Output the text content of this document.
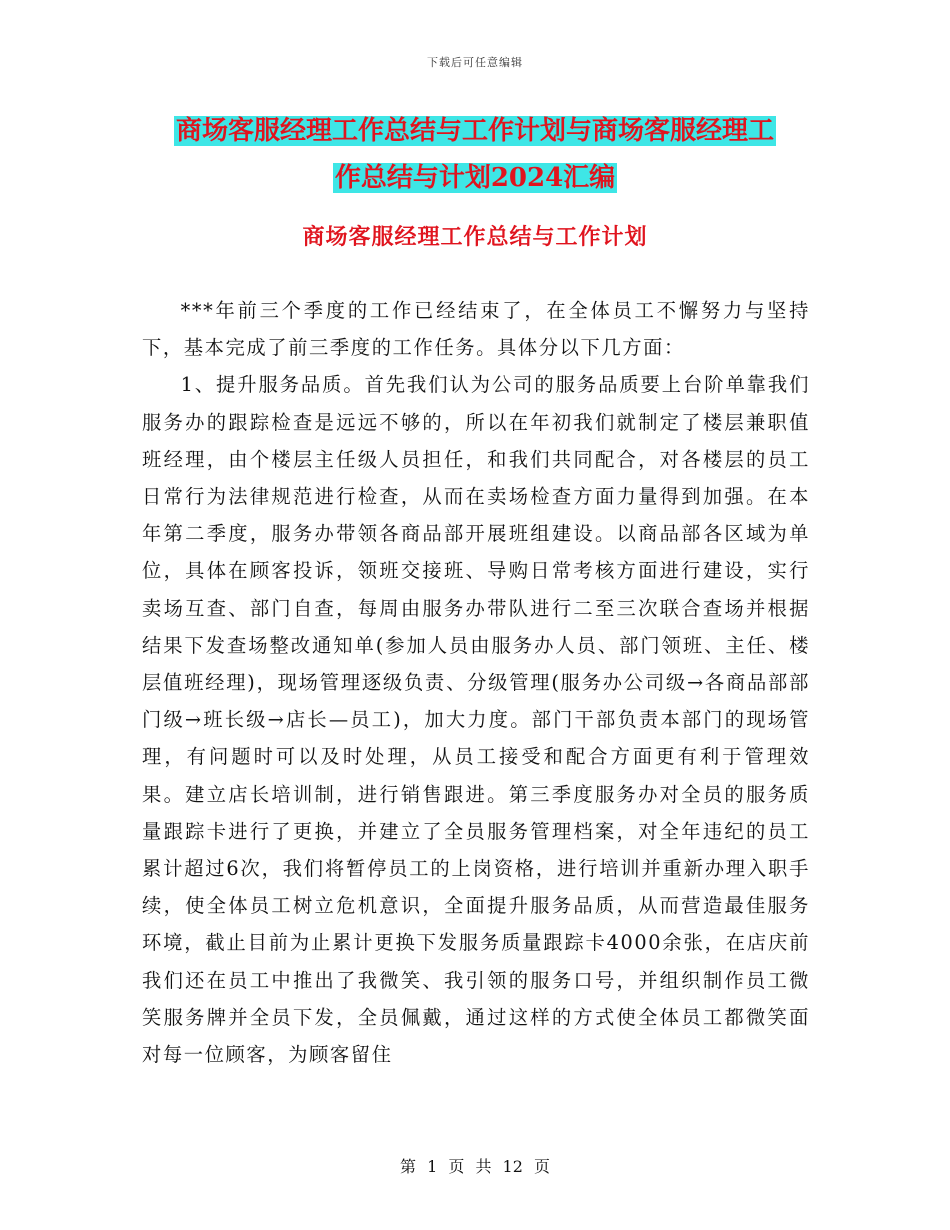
下载后可任意编辑
商场客服经理工作总结与工作计划与商场客服经理工
作总结与计划2024汇编
商场客服经理工作总结与工作计划

***年前三个季度的工作已经结束了，在全体员工不懈努力与坚持下，基本完成了前三季度的工作任务。具体分以下几方面：

1、提升服务品质。首先我们认为公司的服务品质要上台阶单靠我们服务办的跟踪检查是远远不够的，所以在年初我们就制定了楼层兼职值班经理，由个楼层主任级人员担任，和我们共同配合，对各楼层的员工日常行为法律规范进行检查，从而在卖场检查方面力量得到加强。在本年第二季度，服务办带领各商品部开展班组建设。以商品部各区域为单位，具体在顾客投诉，领班交接班、导购日常考核方面进行建设，实行卖场互查、部门自查，每周由服务办带队进行二至三次联合查场并根据结果下发查场整改通知单(参加人员由服务办人员、部门领班、主任、楼层值班经理)，现场管理逐级负责、分级管理(服务办公司级→各商品部部门级→班长级→店长—员工)，加大力度。部门干部负责本部门的现场管理，有问题时可以及时处理，从员工接受和配合方面更有利于管理效果。建立店长培训制，进行销售跟进。第三季度服务办对全员的服务质量跟踪卡进行了更换，并建立了全员服务管理档案，对全年违纪的员工累计超过6次，我们将暂停员工的上岗资格，进行培训并重新办理入职手续，使全体员工树立危机意识，全面提升服务品质，从而营造最佳服务环境，截止目前为止累计更换下发服务质量跟踪卡4000余张，在店庆前我们还在员工中推出了我微笑、我引领的服务口号，并组织制作员工微笑服务牌并全员下发，全员佩戴，通过这样的方式使全体员工都微笑面对每一位顾客，为顾客留住

第 1 页 共 12 页
